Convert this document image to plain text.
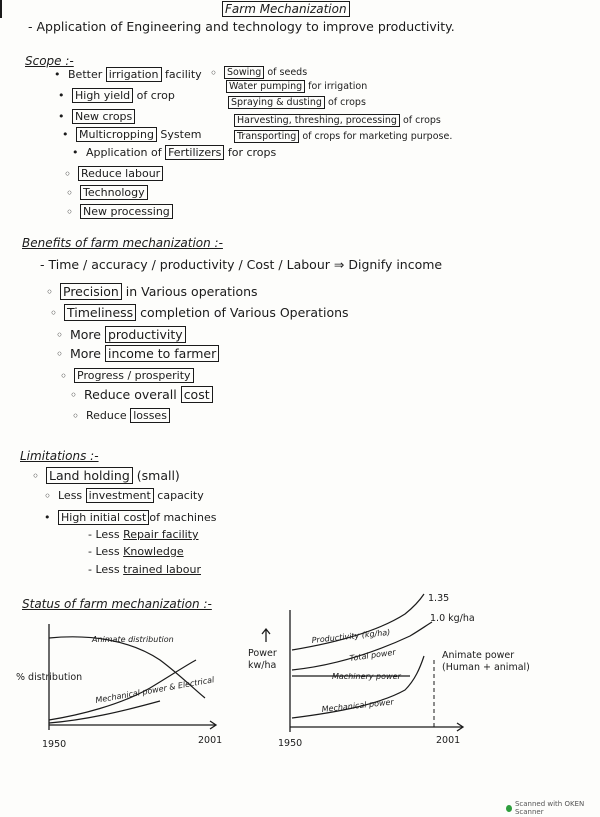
Farm Mechanization
- Application of Engineering and technology to improve productivity.
Scope :-
• Better irrigation facility
• High yield of crop
• New crops
• Multicropping System
• Application of Fertilizers for crops
◦ Reduce labour
◦ Technology
◦ New processing
◦ Sowing of seeds
Water pumping for irrigation
Spraying & dusting of crops
Harvesting, threshing, processing of crops
Transporting of crops for marketing purpose.
Benefits of farm mechanization :-
- Time / accuracy / productivity / Cost / Labour ⇒ Dignify income
◦ Precision in Various operations
◦ Timeliness completion of Various Operations
◦ More productivity
◦ More income to farmer
◦ Progress / prosperity
◦ Reduce overall cost
◦ Reduce losses
Limitations :-
◦ Land holding (small)
◦ Less investment capacity
• High initial cost of machines
- Less Repair facility
- Less Knowledge
- Less trained labour
Status of farm mechanization :-
% distribution
Animate distribution
Mechanical power & Electrical
1950	2001
Power kw/ha
Productivity (kg/ha)
Total power
Machinery power
Mechanical power
1.35
1.0 kg/ha
Animate power (Human + animal)
1950	2001
Scanned with OKEN Scanner
